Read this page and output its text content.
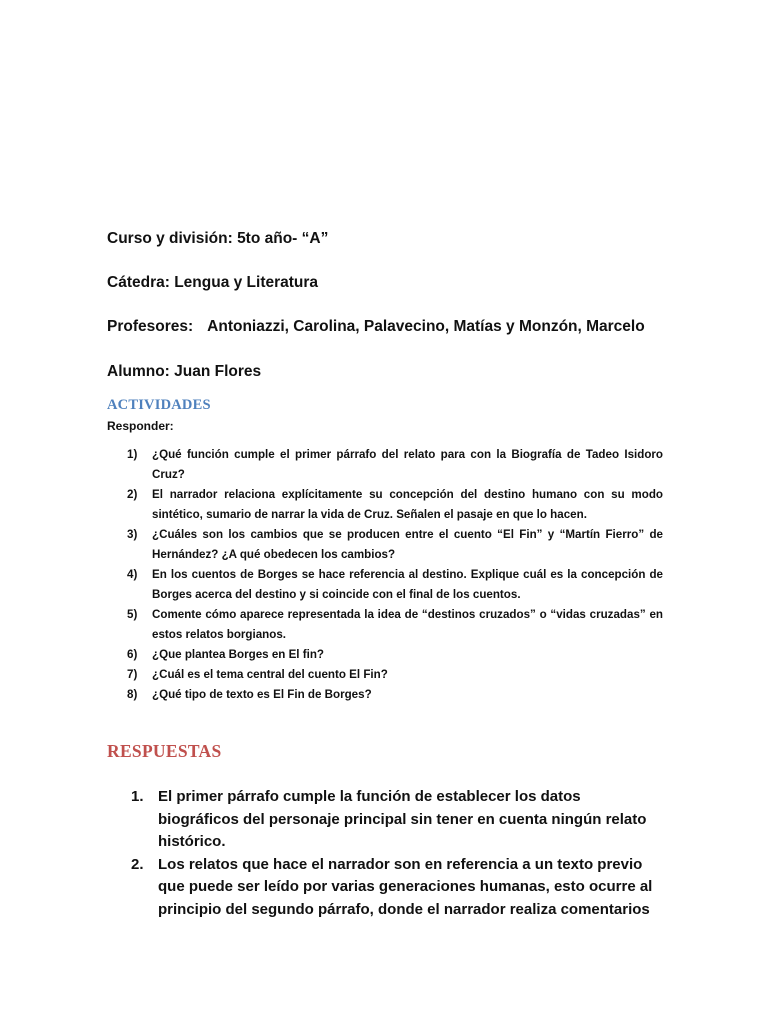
Curso y división: 5to año- “A”
Cátedra: Lengua y Literatura
Profesores: Antoniazzi, Carolina, Palavecino, Matías y Monzón, Marcelo
Alumno: Juan Flores
ACTIVIDADES
Responder:
1) ¿Qué función cumple el primer párrafo del relato para con la Biografía de Tadeo Isidoro Cruz?
2) El narrador relaciona explícitamente su concepción del destino humano con su modo sintético, sumario de narrar la vida de Cruz. Señalen el pasaje en que lo hacen.
3) ¿Cuáles son los cambios que se producen entre el cuento “El Fin” y “Martín Fierro” de Hernández? ¿A qué obedecen los cambios?
4) En los cuentos de Borges se hace referencia al destino. Explique cuál es la concepción de Borges acerca del destino y si coincide con el final de los cuentos.
5) Comente cómo aparece representada la idea de “destinos cruzados” o “vidas cruzadas” en estos relatos borgianos.
6) ¿Que plantea Borges en El fin?
7) ¿Cuál es el tema central del cuento El Fin?
8) ¿Qué tipo de texto es El Fin de Borges?
RESPUESTAS
1. El primer párrafo cumple la función de establecer los datos biográficos del personaje principal sin tener en cuenta ningún relato histórico.
2. Los relatos que hace el narrador son en referencia a un texto previo que puede ser leído por varias generaciones humanas, esto ocurre al principio del segundo párrafo, donde el narrador realiza comentarios
